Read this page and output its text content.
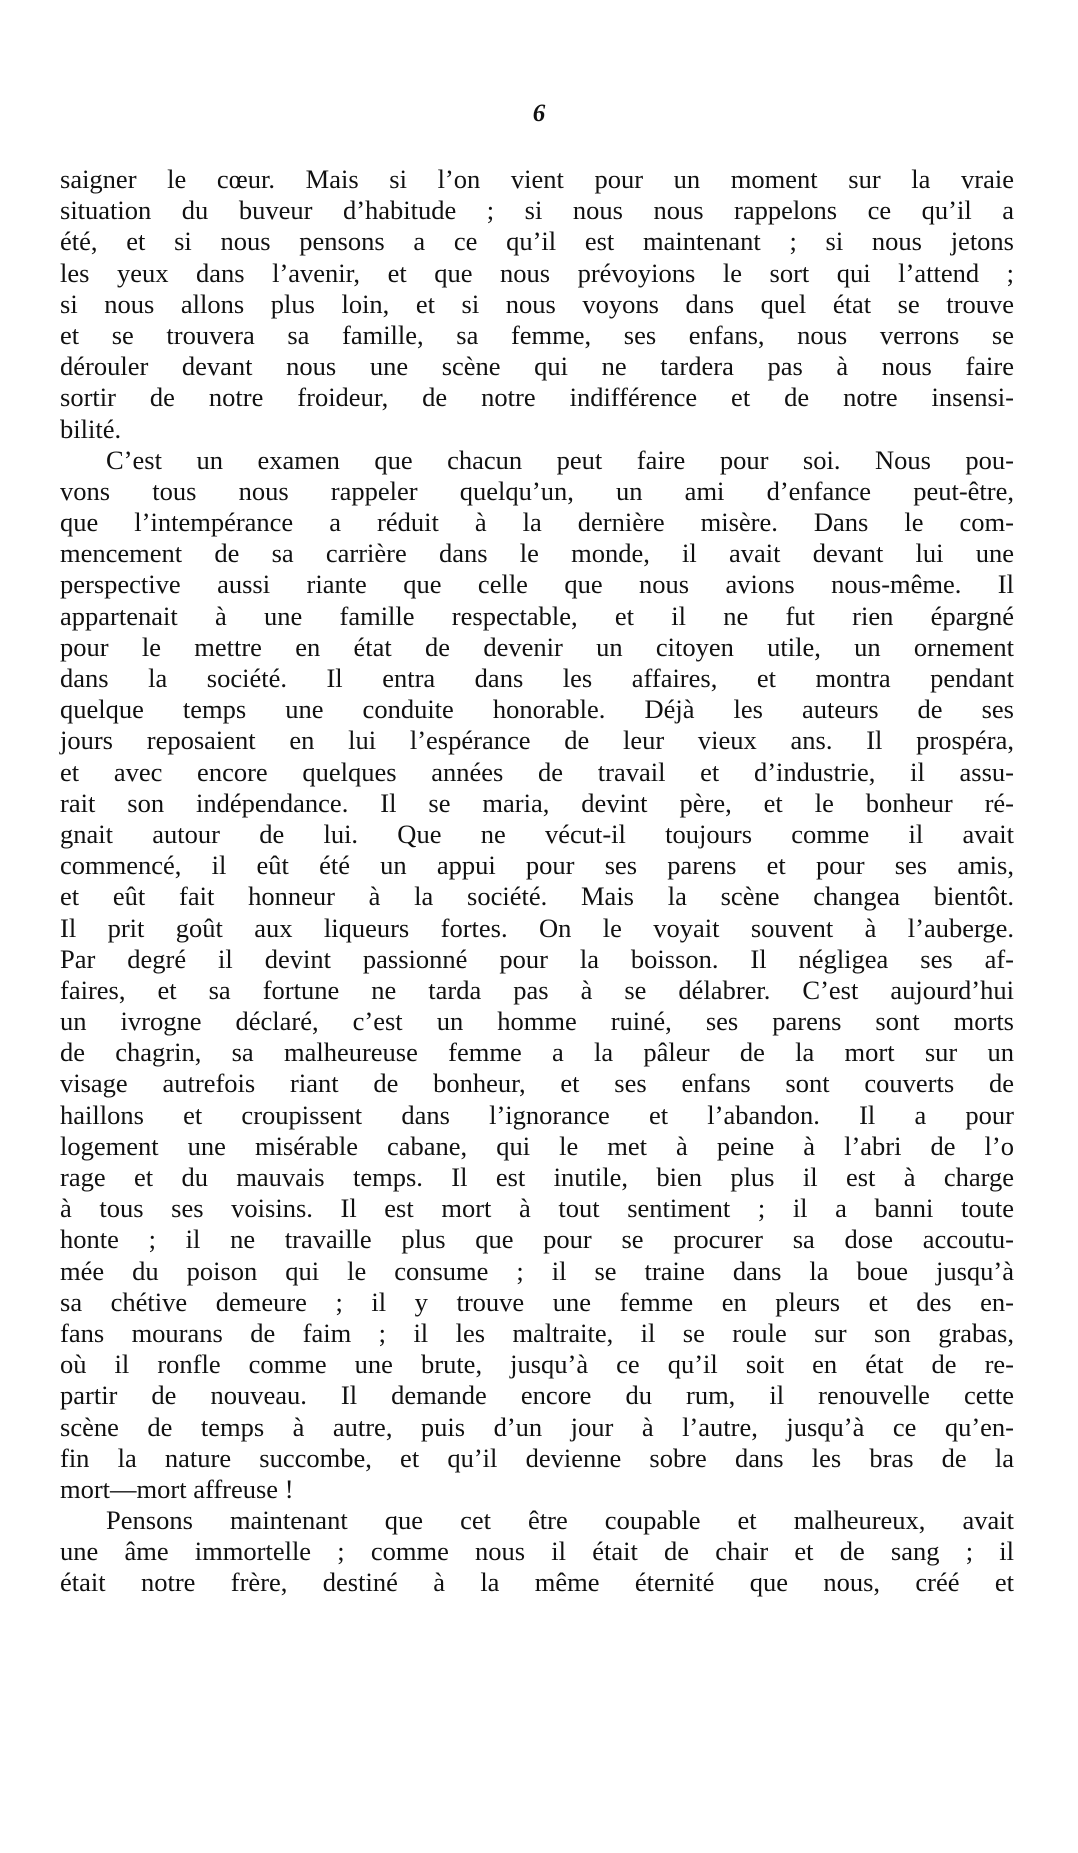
6
saigner le cœur. Mais si l’on vient pour un moment sur la vraie
situation du buveur d’habitude ; si nous nous rappelons ce qu’il a
été, et si nous pensons a ce qu’il est maintenant ; si nous jetons
les yeux dans l’avenir, et que nous prévoyions le sort qui l’attend ;
si nous allons plus loin, et si nous voyons dans quel état se trouve
et se trouvera sa famille, sa femme, ses enfans, nous verrons se
dérouler devant nous une scène qui ne tardera pas à nous faire
sortir de notre froideur, de notre indifférence et de notre insensi-
bilité.
C’est un examen que chacun peut faire pour soi. Nous pou-
vons tous nous rappeler quelqu’un, un ami d’enfance peut-être,
que l’intempérance a réduit à la dernière misère. Dans le com-
mencement de sa carrière dans le monde, il avait devant lui une
perspective aussi riante que celle que nous avions nous-même. Il
appartenait à une famille respectable, et il ne fut rien épargné
pour le mettre en état de devenir un citoyen utile, un ornement
dans la société. Il entra dans les affaires, et montra pendant
quelque temps une conduite honorable. Déjà les auteurs de ses
jours reposaient en lui l’espérance de leur vieux ans. Il prospéra,
et avec encore quelques années de travail et d’industrie, il assu-
rait son indépendance. Il se maria, devint père, et le bonheur ré-
gnait autour de lui. Que ne vécut-il toujours comme il avait
commencé, il eût été un appui pour ses parens et pour ses amis,
et eût fait honneur à la société. Mais la scène changea bientôt.
Il prit goût aux liqueurs fortes. On le voyait souvent à l’auberge.
Par degré il devint passionné pour la boisson. Il négligea ses af-
faires, et sa fortune ne tarda pas à se délabrer. C’est aujourd’hui
un ivrogne déclaré, c’est un homme ruiné, ses parens sont morts
de chagrin, sa malheureuse femme a la pâleur de la mort sur un
visage autrefois riant de bonheur, et ses enfans sont couverts de
haillons et croupissent dans l’ignorance et l’abandon. Il a pour
logement une misérable cabane, qui le met à peine à l’abri de l’o
rage et du mauvais temps. Il est inutile, bien plus il est à charge
à tous ses voisins. Il est mort à tout sentiment ; il a banni toute
honte ; il ne travaille plus que pour se procurer sa dose accoutu-
mée du poison qui le consume ; il se traine dans la boue jusqu’à
sa chétive demeure ; il y trouve une femme en pleurs et des en-
fans mourans de faim ; il les maltraite, il se roule sur son grabas,
où il ronfle comme une brute, jusqu’à ce qu’il soit en état de re-
partir de nouveau. Il demande encore du rum, il renouvelle cette
scène de temps à autre, puis d’un jour à l’autre, jusqu’à ce qu’en-
fin la nature succombe, et qu’il devienne sobre dans les bras de la
mort—mort affreuse !
Pensons maintenant que cet être coupable et malheureux, avait
une âme immortelle ; comme nous il était de chair et de sang ; il
était notre frère, destiné à la même éternité que nous, créé et
